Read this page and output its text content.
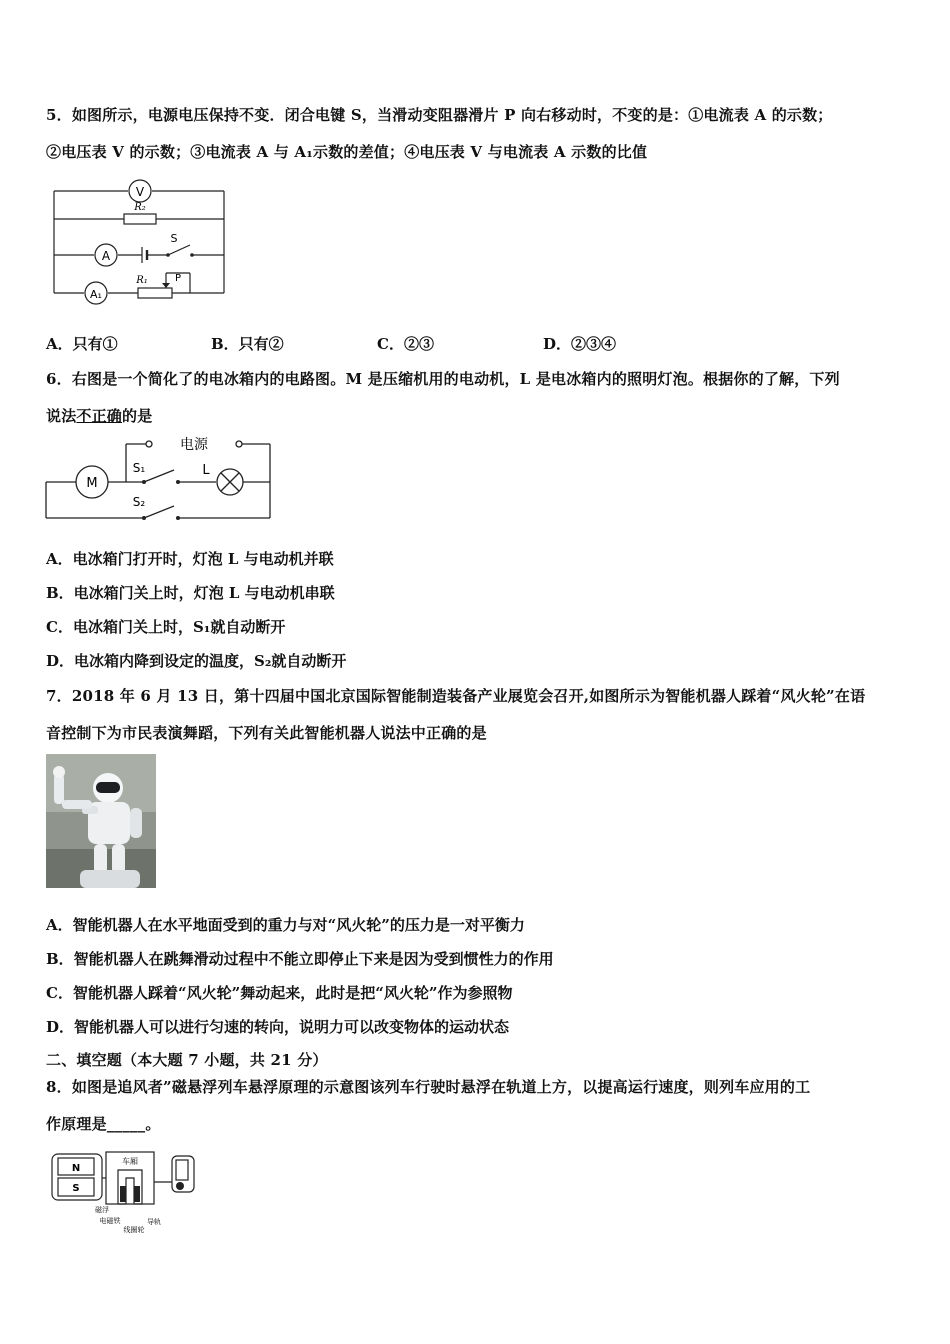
5．如图所示，电源电压保持不变．闭合电键 S，当滑动变阻器滑片 P 向右移动时，不变的是：①电流表 A 的示数；
②电压表 V 的示数；③电流表 A 与 A₁示数的差值；④电压表 V 与电流表 A 示数的比值
V
R₂
A
S
A₁
R₁	P
A．只有①	B．只有②	C．②③	D．②③④
6．右图是一个简化了的电冰箱内的电路图。M 是压缩机用的电动机，L 是电冰箱内的照明灯泡。根据你的了解，下列
说法不正确的是
电源
M
S₁	L
S₂
A．电冰箱门打开时，灯泡 L 与电动机并联
B．电冰箱门关上时，灯泡 L 与电动机串联
C．电冰箱门关上时，S₁就自动断开
D．电冰箱内降到设定的温度，S₂就自动断开
7．2018 年 6 月 13 日，第十四届中国北京国际智能制造装备产业展览会召开,如图所示为智能机器人踩着“风火轮”在语
音控制下为市民表演舞蹈，下列有关此智能机器人说法中正确的是
A．智能机器人在水平地面受到的重力与对“风火轮”的压力是一对平衡力
B．智能机器人在跳舞滑动过程中不能立即停止下来是因为受到惯性力的作用
C．智能机器人踩着“风火轮”舞动起来，此时是把“风火轮”作为参照物
D．智能机器人可以进行匀速的转向，说明力可以改变物体的运动状态
二、填空题（本大题 7 小题，共 21 分）
8．如图是追风者”磁悬浮列车悬浮原理的示意图该列车行驶时悬浮在轨道上方，以提高运行速度，则列车应用的工
作原理是_____。
N
S
车厢
磁浮
电磁铁
线圈轮
导轨
